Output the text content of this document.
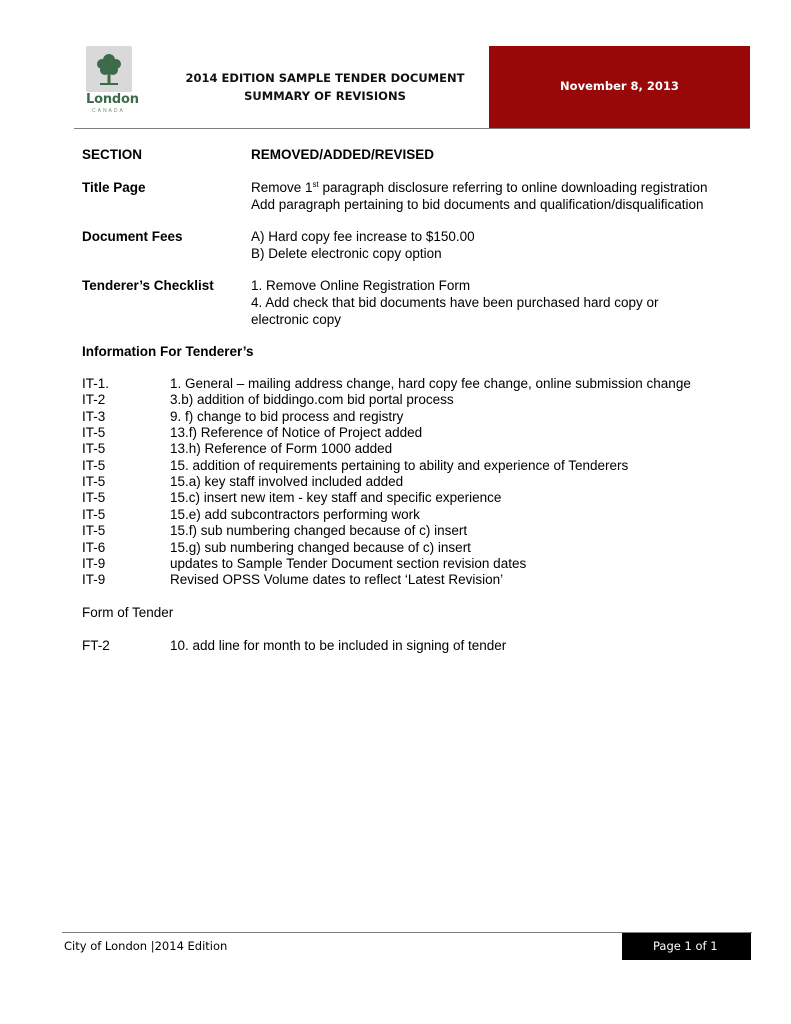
London
CANADA
2014 EDITION SAMPLE TENDER DOCUMENT
SUMMARY OF REVISIONS
November 8, 2013
SECTION	REMOVED/ADDED/REVISED
Title Page	Remove 1st paragraph disclosure referring to online downloading registration
Add paragraph pertaining to bid documents and qualification/disqualification
Document Fees	A) Hard copy fee increase to $150.00
B) Delete electronic copy option
Tenderer’s Checklist	1. Remove Online Registration Form
4. Add check that bid documents have been purchased hard copy or
electronic copy
Information For Tenderer’s
IT-1.	1. General – mailing address change, hard copy fee change, online submission change
IT-2	3.b) addition of biddingo.com bid portal process
IT-3	9. f) change to bid process and registry
IT-5	13.f) Reference of Notice of Project added
IT-5	13.h) Reference of Form 1000 added
IT-5	15. addition of requirements pertaining to ability and experience of Tenderers
IT-5	15.a) key staff involved included added
IT-5	15.c) insert new item - key staff and specific experience
IT-5	15.e) add subcontractors performing work
IT-5	15.f) sub numbering changed because of c) insert
IT-6	15.g) sub numbering changed because of c) insert
IT-9	updates to Sample Tender Document section revision dates
IT-9	Revised OPSS Volume dates to reflect ‘Latest Revision’
Form of Tender
FT-2	10. add line for month to be included in signing of tender
City of London |2014 Edition	Page 1 of 1
